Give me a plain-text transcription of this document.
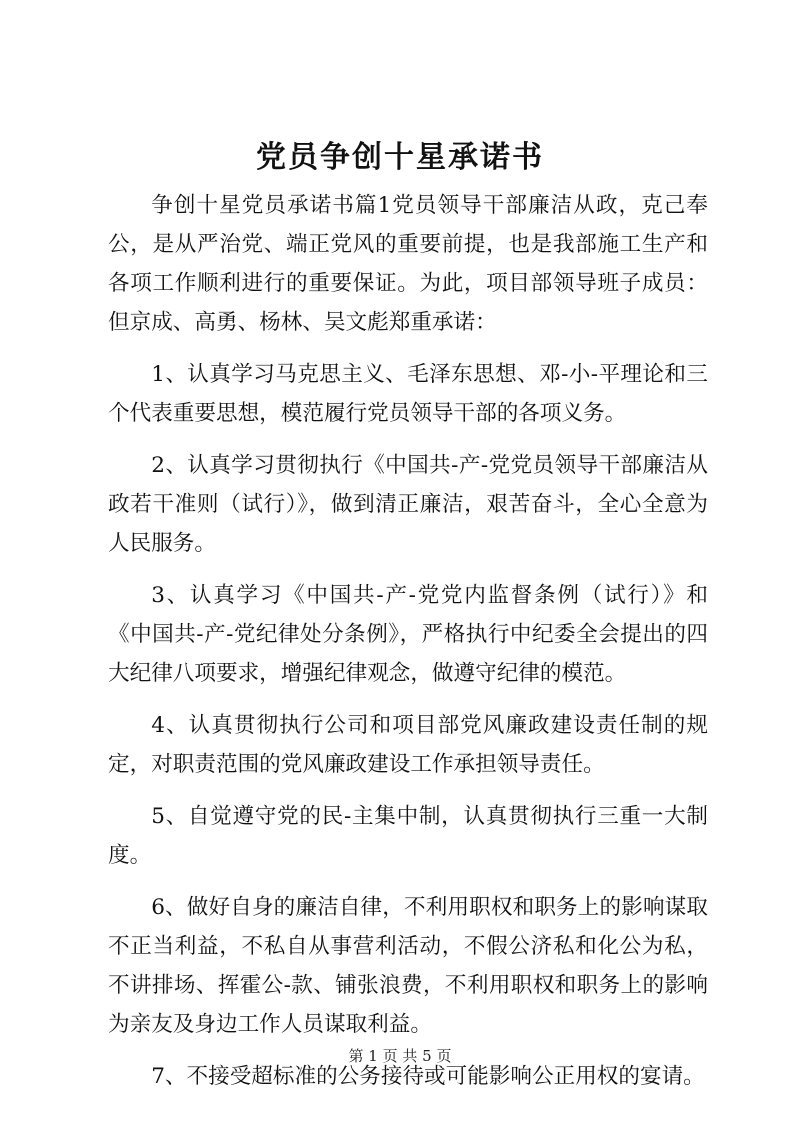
党员争创十星承诺书

争创十星党员承诺书篇1党员领导干部廉洁从政，克己奉公，是从严治党、端正党风的重要前提，也是我部施工生产和各项工作顺利进行的重要保证。为此，项目部领导班子成员：但京成、高勇、杨林、吴文彪郑重承诺：

1、认真学习马克思主义、毛泽东思想、邓-小-平理论和三个代表重要思想，模范履行党员领导干部的各项义务。

2、认真学习贯彻执行《中国共-产-党党员领导干部廉洁从政若干准则（试行）》，做到清正廉洁，艰苦奋斗，全心全意为人民服务。

3、认真学习《中国共-产-党党内监督条例（试行）》和《中国共-产-党纪律处分条例》，严格执行中纪委全会提出的四大纪律八项要求，增强纪律观念，做遵守纪律的模范。

4、认真贯彻执行公司和项目部党风廉政建设责任制的规定，对职责范围的党风廉政建设工作承担领导责任。

5、自觉遵守党的民-主集中制，认真贯彻执行三重一大制度。

6、做好自身的廉洁自律，不利用职权和职务上的影响谋取不正当利益，不私自从事营利活动，不假公济私和化公为私，不讲排场、挥霍公-款、铺张浪费，不利用职权和职务上的影响为亲友及身边工作人员谋取利益。

7、不接受超标准的公务接待或可能影响公正用权的宴请。

第 1 页 共 5 页
